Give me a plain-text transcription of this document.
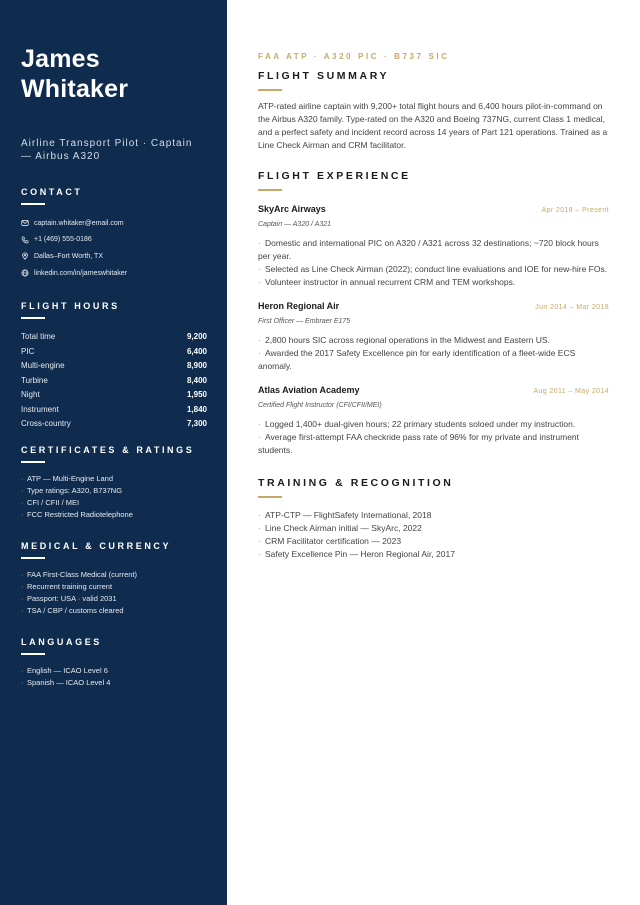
James Whitaker
Airline Transport Pilot · Captain — Airbus A320
CONTACT
captain.whitaker@email.com
+1 (469) 555-0186
Dallas–Fort Worth, TX
linkedin.com/in/jameswhitaker
FLIGHT HOURS
Total time	9,200
PIC	6,400
Multi-engine	8,900
Turbine	8,400
Night	1,950
Instrument	1,840
Cross-country	7,300
CERTIFICATES & RATINGS
· ATP — Multi-Engine Land
· Type ratings: A320, B737NG
· CFI / CFII / MEI
· FCC Restricted Radiotelephone
MEDICAL & CURRENCY
· FAA First-Class Medical (current)
· Recurrent training current
· Passport: USA · valid 2031
· TSA / CBP / customs cleared
LANGUAGES
· English — ICAO Level 6
· Spanish — ICAO Level 4
FAA ATP · A320 PIC · B737 SIC
FLIGHT SUMMARY
ATP-rated airline captain with 9,200+ total flight hours and 6,400 hours pilot-in-command on the Airbus A320 family. Type-rated on the A320 and Boeing 737NG, current Class 1 medical, and a perfect safety and incident record across 14 years of Part 121 operations. Trained as a Line Check Airman and CRM facilitator.
FLIGHT EXPERIENCE
SkyArc Airways	Apr 2018 – Present
Captain — A320 / A321
· Domestic and international PIC on A320 / A321 across 32 destinations; ~720 block hours per year.
· Selected as Line Check Airman (2022); conduct line evaluations and IOE for new-hire FOs.
· Volunteer instructor in annual recurrent CRM and TEM workshops.
Heron Regional Air	Jun 2014 – Mar 2018
First Officer — Embraer E175
· 2,800 hours SIC across regional operations in the Midwest and Eastern US.
· Awarded the 2017 Safety Excellence pin for early identification of a fleet-wide ECS anomaly.
Atlas Aviation Academy	Aug 2011 – May 2014
Certified Flight Instructor (CFI/CFII/MEI)
· Logged 1,400+ dual-given hours; 22 primary students soloed under my instruction.
· Average first-attempt FAA checkride pass rate of 96% for my private and instrument students.
TRAINING & RECOGNITION
· ATP-CTP — FlightSafety International, 2018
· Line Check Airman initial — SkyArc, 2022
· CRM Facilitator certification — 2023
· Safety Excellence Pin — Heron Regional Air, 2017
